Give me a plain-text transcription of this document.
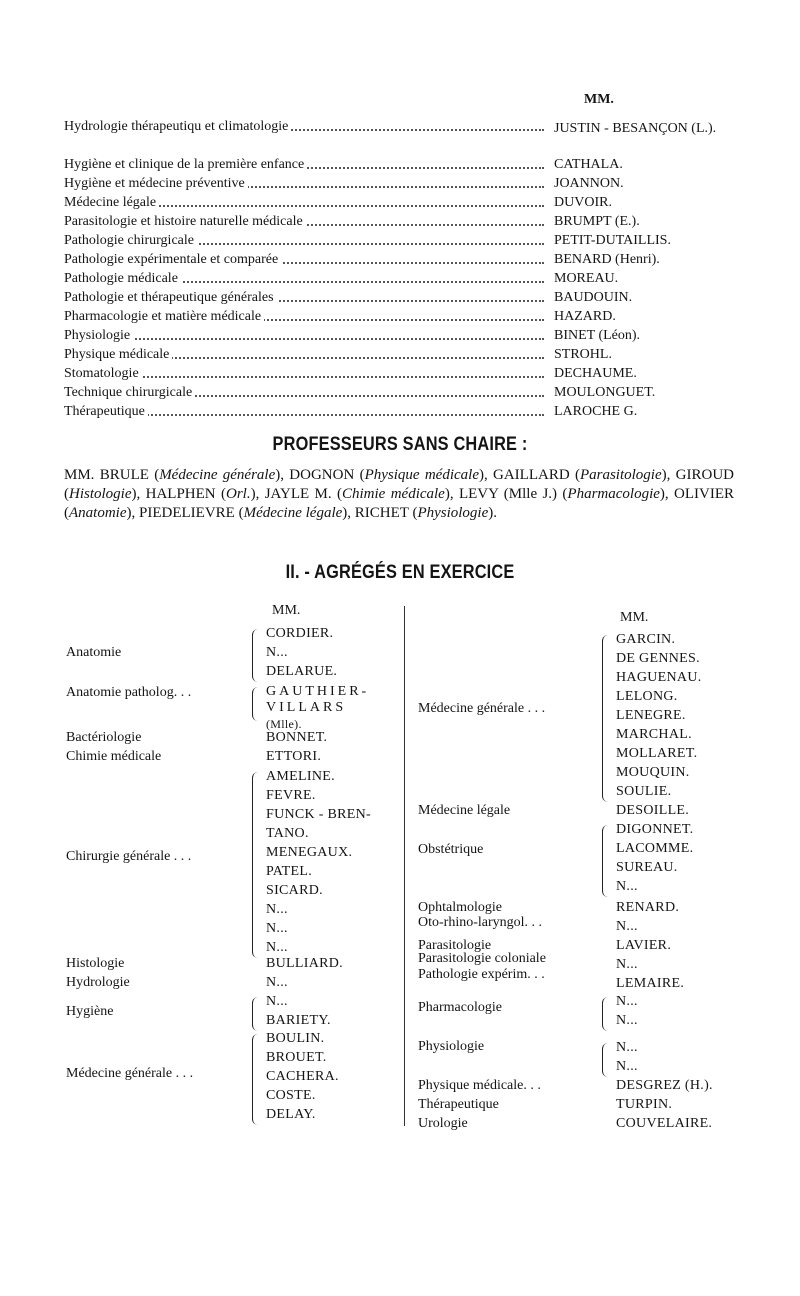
MM.
Hydrologie thérapeutiqu et climatologie	JUSTIN - BESANÇON (L.).
Hygiène et clinique de la première enfance	CATHALA.
Hygiène et médecine préventive	JOANNON.
Médecine légale	DUVOIR.
Parasitologie et histoire naturelle médicale	BRUMPT (E.).
Pathologie chirurgicale	PETIT-DUTAILLIS.
Pathologie expérimentale et comparée	BENARD (Henri).
Pathologie médicale	MOREAU.
Pathologie et thérapeutique générales	BAUDOUIN.
Pharmacologie et matière médicale	HAZARD.
Physiologie	BINET (Léon).
Physique médicale	STROHL.
Stomatologie	DECHAUME.
Technique chirurgicale	MOULONGUET.
Thérapeutique	LAROCHE G.
PROFESSEURS SANS CHAIRE :
MM. BRULE (Médecine générale), DOGNON (Physique médicale), GAILLARD (Parasitologie), GIROUD (Histologie), HALPHEN (Orl.), JAYLE M. (Chimie médicale), LEVY (Mlle J.) (Pharmacologie), OLIVIER (Anatomie), PIEDELIEVRE (Médecine légale), RICHET (Physiologie).
II. - AGRÉGÉS EN EXERCICE
MM.	MM.
Anatomie
CORDIER.
N...
DELARUE.
Anatomie patholog. . .	GAUTHIER-VILLARS
(Mlle).
Bactériologie	BONNET.
Chimie médicale	ETTORI.
Chirurgie générale . . .
AMELINE.
FEVRE.
FUNCK - BREN-
TANO.
MENEGAUX.
PATEL.
SICARD.
N...
N...
N...
Histologie	BULLIARD.
Hydrologie	N...
Hygiène
N...
BARIETY.
Médecine générale . . .
BOULIN.
BROUET.
CACHERA.
COSTE.
DELAY.
Médecine générale . . .
GARCIN.
DE GENNES.
HAGUENAU.
LELONG.
LENEGRE.
MARCHAL.
MOLLARET.
MOUQUIN.
SOULIE.
Médecine légale	DESOILLE.
Obstétrique
DIGONNET.
LACOMME.
SUREAU.
N...
Ophtalmologie	RENARD.
Oto-rhino-laryngol. . .	N...
Parasitologie	LAVIER.
Parasitologie coloniale	N...
Pathologie expérim. . .
LEMAIRE.
Pharmacologie	N...
N...
Physiologie	N...
N...
Physique médicale. . .	DESGREZ (H.).
Thérapeutique	TURPIN.
Urologie	COUVELAIRE.
